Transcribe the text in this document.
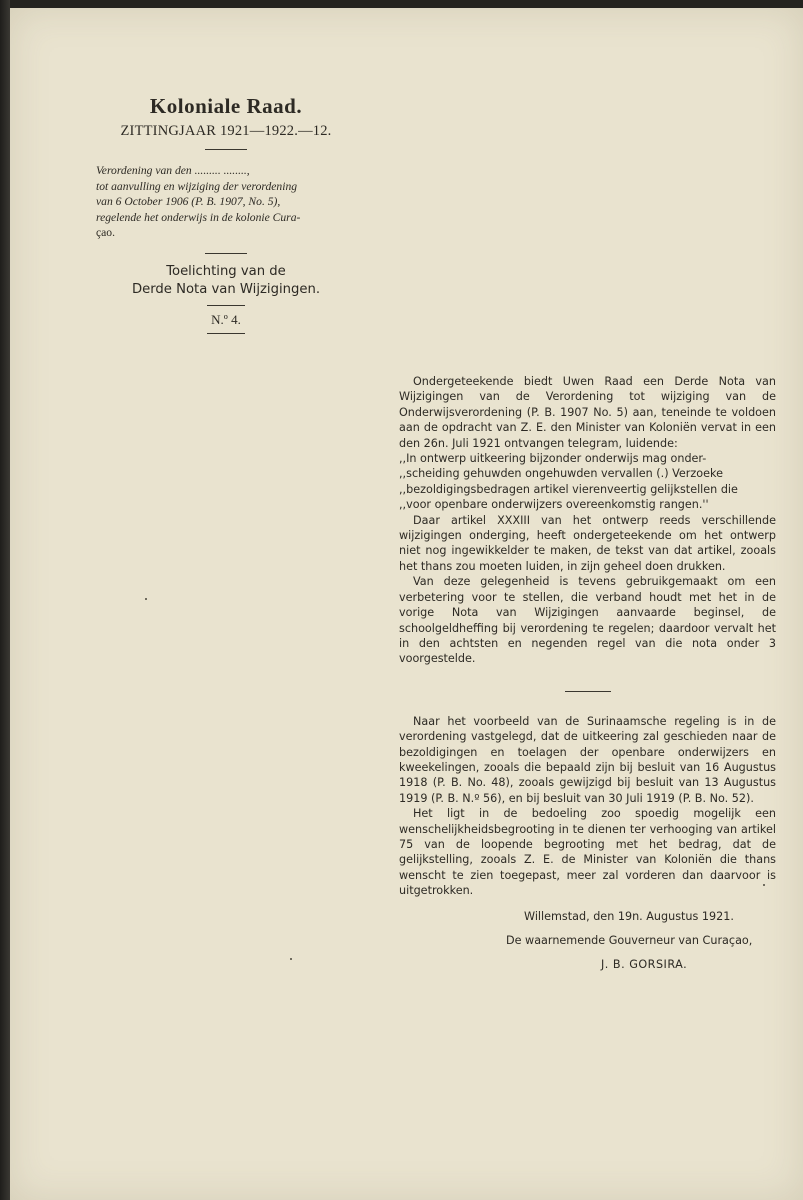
Koloniale Raad.
ZITTINGJAAR 1921—1922.—12.
Verordening van den ......... ........,
tot aanvulling en wijziging der verordening
van 6 October 1906 (P. B. 1907, No. 5),
regelende het onderwijs in de kolonie Cura-
çao.
Toelichting van de
Derde Nota van Wijzigingen.
N.º 4.

Ondergeteekende biedt Uwen Raad een Derde Nota van Wijzigingen van de Verordening tot wijziging van de Onderwijsverordening (P. B. 1907 No. 5) aan, teneinde te voldoen aan de opdracht van Z. E. den Minister van Koloniën vervat in een den 26n. Juli 1921 ontvangen telegram, luidende:

,,In ontwerp uitkeering bijzonder onderwijs mag onder-

,,scheiding gehuwden ongehuwden vervallen (.) Verzoeke

,,bezoldigingsbedragen artikel vierenveertig gelijkstellen die

,,voor openbare onderwijzers overeenkomstig rangen.''

Daar artikel XXXIII van het ontwerp reeds verschillende wijzigingen onderging, heeft ondergeteekende om het ontwerp niet nog ingewikkelder te maken, de tekst van dat artikel, zooals het thans zou moeten luiden, in zijn geheel doen drukken.

Van deze gelegenheid is tevens gebruikgemaakt om een verbetering voor te stellen, die verband houdt met het in de vorige Nota van Wijzigingen aanvaarde beginsel, de schoolgeldheffing bij verordening te regelen; daardoor vervalt het in den achtsten en negenden regel van die nota onder 3 voorgestelde.

Naar het voorbeeld van de Surinaamsche regeling is in de verordening vastgelegd, dat de uitkeering zal geschieden naar de bezoldigingen en toelagen der openbare onderwijzers en kweekelingen, zooals die bepaald zijn bij besluit van 16 Augustus 1918 (P. B. No. 48), zooals gewijzigd bij besluit van 13 Augustus 1919 (P. B. N.º 56), en bij besluit van 30 Juli 1919 (P. B. No. 52).

Het ligt in de bedoeling zoo spoedig mogelijk een wenschelijkheidsbegrooting in te dienen ter verhooging van artikel 75 van de loopende begrooting met het bedrag, dat de gelijkstelling, zooals Z. E. de Minister van Koloniën die thans wenscht te zien toegepast, meer zal vorderen dan daarvoor is uitgetrokken.

Willemstad, den 19n. Augustus 1921.
De waarnemende Gouverneur van Curaçao,
J. B. GORSIRA.
